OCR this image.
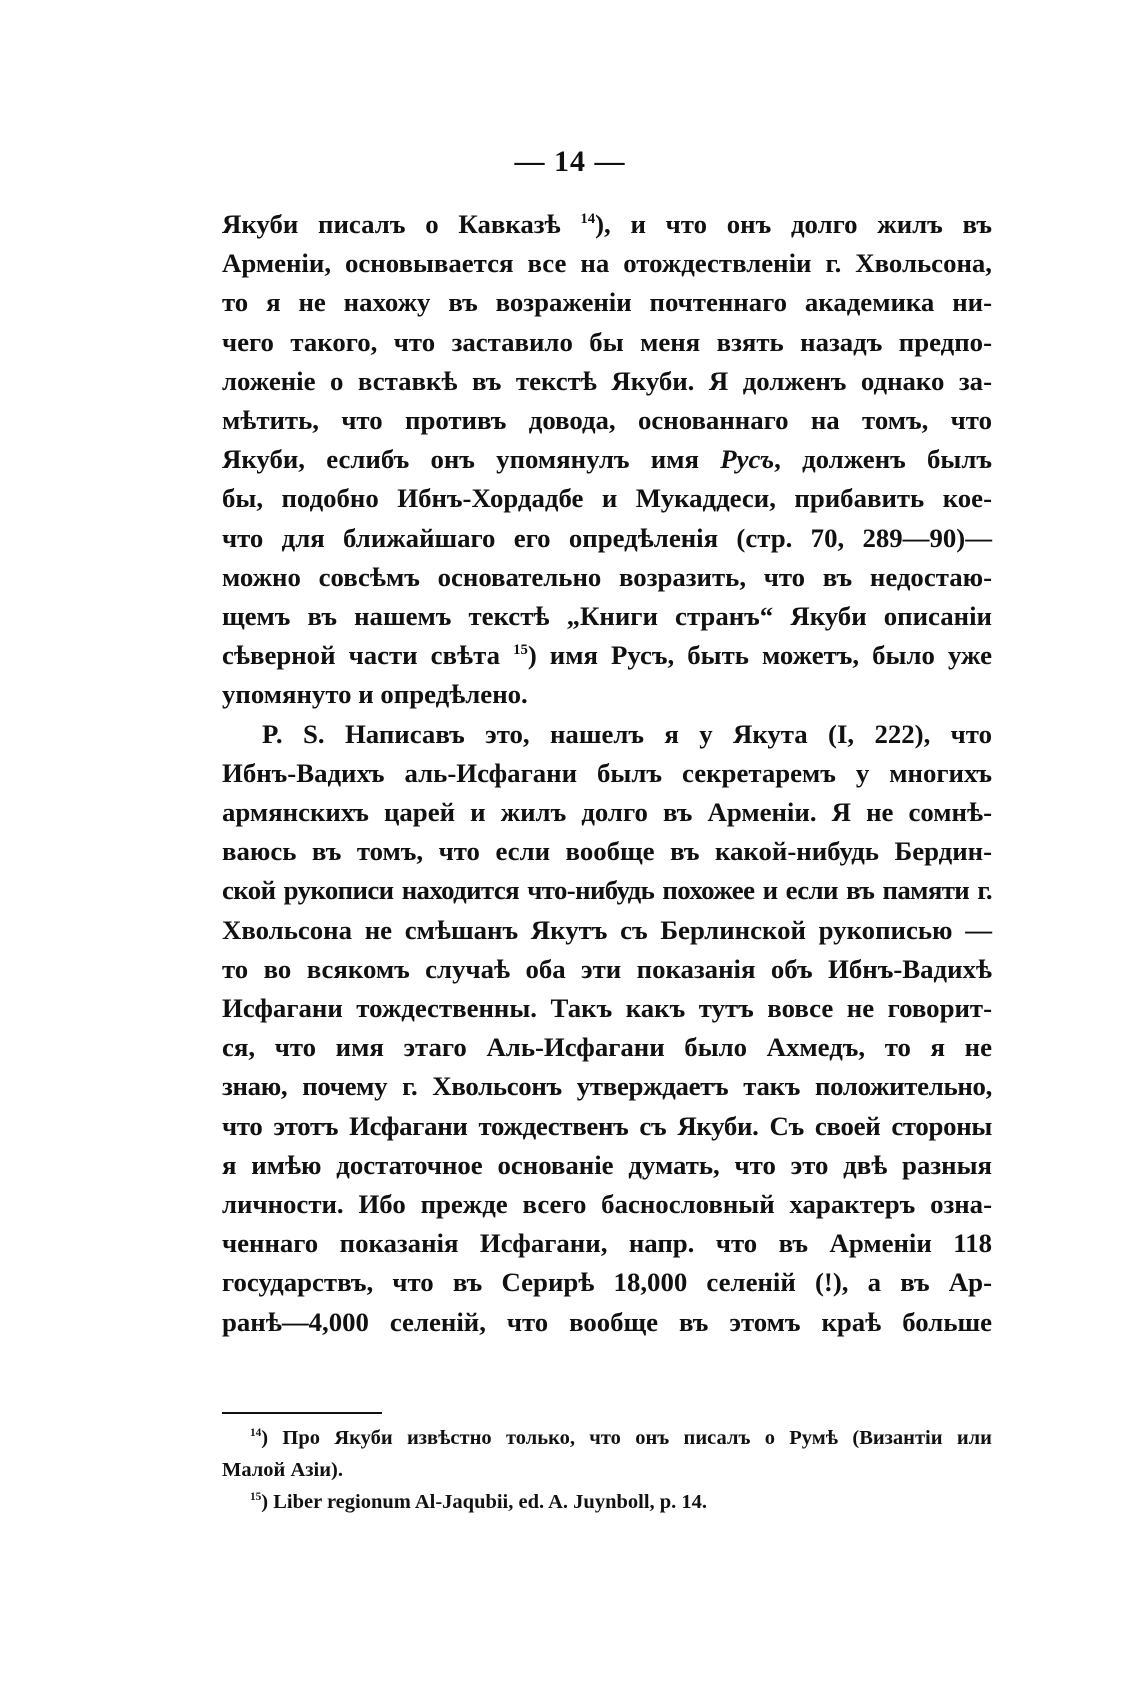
— 14 —
Якуби писалъ о Кавказѣ $^{14}$), и что онъ долго жилъ въ
Арменiи, основывается все на отождествленiи г. Хвольсона,
то я не нахожу въ возраженiи почтеннаго академика ни-
чего такого, что заставило бы меня взять назадъ предпо-
ложенiе о вставкѣ въ текстѣ Якуби. Я долженъ однако за-
мѣтить, что противъ довода, основаннаго на томъ, что
Якуби, еслибъ онъ упомянулъ имя Русъ, долженъ былъ
бы, подобно Ибнъ-Хордадбе и Мукаддеси, прибавить кое-
что для ближайшаго его опредѣленiя (стр. 70, 289—90)—
можно совсѣмъ основательно возразить, что въ недостаю-
щемъ въ нашемъ текстѣ „Книги странъ“ Якуби описанiи
сѣверной части свѣта $^{15}$) имя Русъ, быть можетъ, было уже
упомянуто и опредѣлено.
P. S. Написавъ это, нашелъ я у Якута (I, 222), что
Ибнъ-Вадихъ аль-Исфагани былъ секретаремъ у многихъ
армянскихъ царей и жилъ долго въ Арменiи. Я не сомнѣ-
ваюсь въ томъ, что если вообще въ какой-нибудь Бердин-
ской рукописи находится что-нибудь похожее и если въ памяти г.
Хвольсона не смѣшанъ Якутъ съ Берлинской рукописью —
то во всякомъ случаѣ оба эти показанiя объ Ибнъ-Вадихѣ
Исфагани тождественны. Такъ какъ тутъ вовсе не говорит-
ся, что имя этаго Аль-Исфагани было Ахмедъ, то я не
знаю, почему г. Хвольсонъ утверждаетъ такъ положительно,
что этотъ Исфагани тождественъ съ Якуби. Съ своей стороны
я имѣю достаточное основанiе думать, что это двѣ разныя
личности. Ибо прежде всего баснословный характеръ озна-
ченнаго показанiя Исфагани, напр. что въ Арменiи 118
государствъ, что въ Серирѣ 18,000 селенiй (!), а въ Ар-
ранѣ—4,000 селенiй, что вообще въ этомъ краѣ больше
$^{14}$) Про Якуби извѣстно только, что онъ писалъ о Румѣ (Византiи или
Малой Азiи).
$^{15}$) Liber regionum Al-Jaqubii, ed. A. Juynboll, p. 14.
